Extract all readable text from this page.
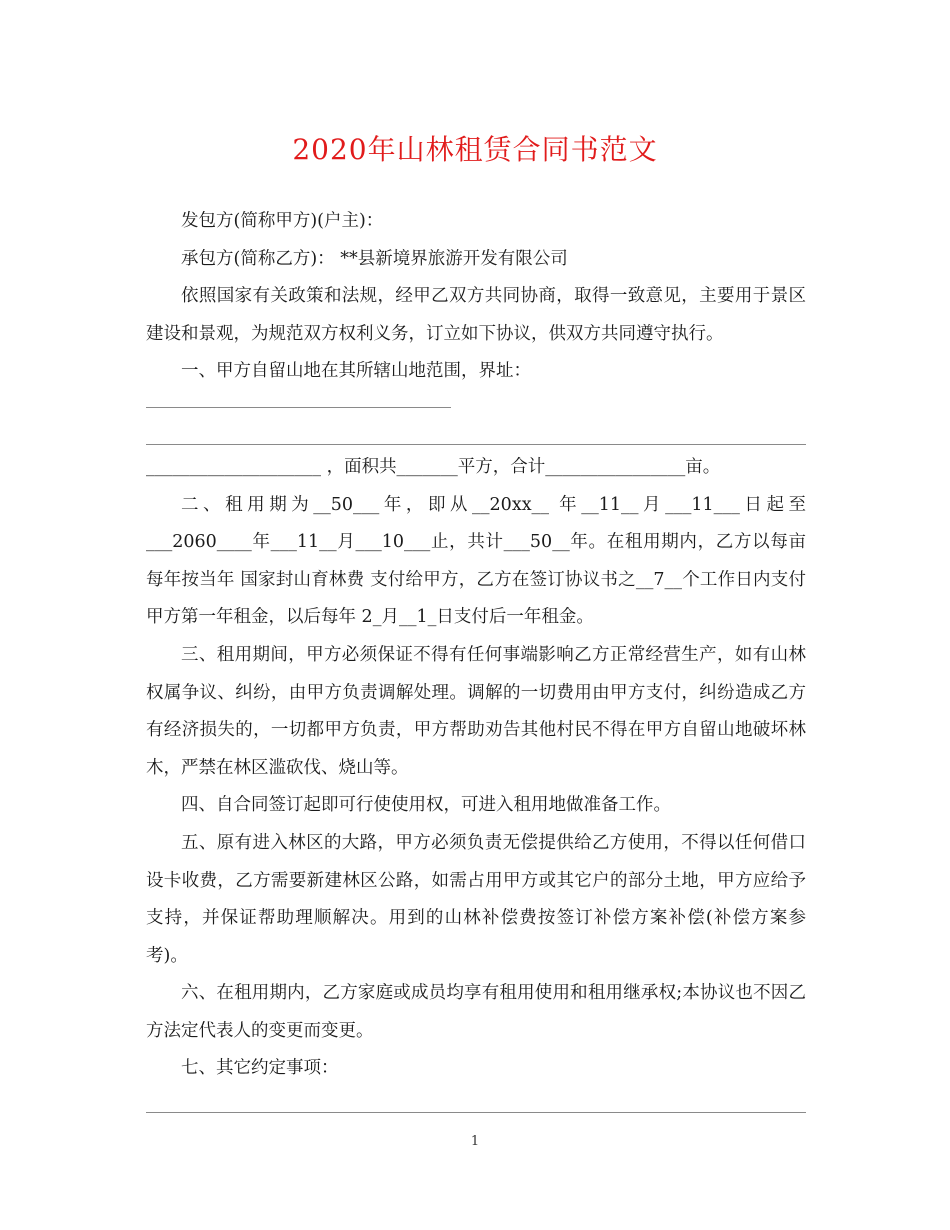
2020年山林租赁合同书范文

发包方(简称甲方)(户主)：

承包方(简称乙方)： **县新境界旅游开发有限公司

依照国家有关政策和法规，经甲乙双方共同协商，取得一致意见，主要用于景区建设和景观，为规范双方权利义务，订立如下协议，供双方共同遵守执行。

一、甲方自留山地在其所辖山地范围，界址：

____________________ ，面积共_______平方，合计________________亩。

二、租用期为__50___年，即从__20xx__ 年__11__月___11___日起至___2060____年___11__月___10___止，共计___50__年。在租用期内，乙方以每亩每年按当年 国家封山育林费 支付给甲方，乙方在签订协议书之__7__个工作日内支付甲方第一年租金，以后每年 2_月__1_日支付后一年租金。

三、租用期间，甲方必须保证不得有任何事端影响乙方正常经营生产，如有山林权属争议、纠纷，由甲方负责调解处理。调解的一切费用由甲方支付，纠纷造成乙方有经济损失的，一切都甲方负责，甲方帮助劝告其他村民不得在甲方自留山地破坏林木，严禁在林区滥砍伐、烧山等。

四、自合同签订起即可行使使用权，可进入租用地做准备工作。

五、原有进入林区的大路，甲方必须负责无偿提供给乙方使用，不得以任何借口设卡收费，乙方需要新建林区公路，如需占用甲方或其它户的部分土地，甲方应给予支持，并保证帮助理顺解决。用到的山林补偿费按签订补偿方案补偿(补偿方案参考)。

六、在租用期内，乙方家庭或成员均享有租用使用和租用继承权;本协议也不因乙方法定代表人的变更而变更。

七、其它约定事项：

1
